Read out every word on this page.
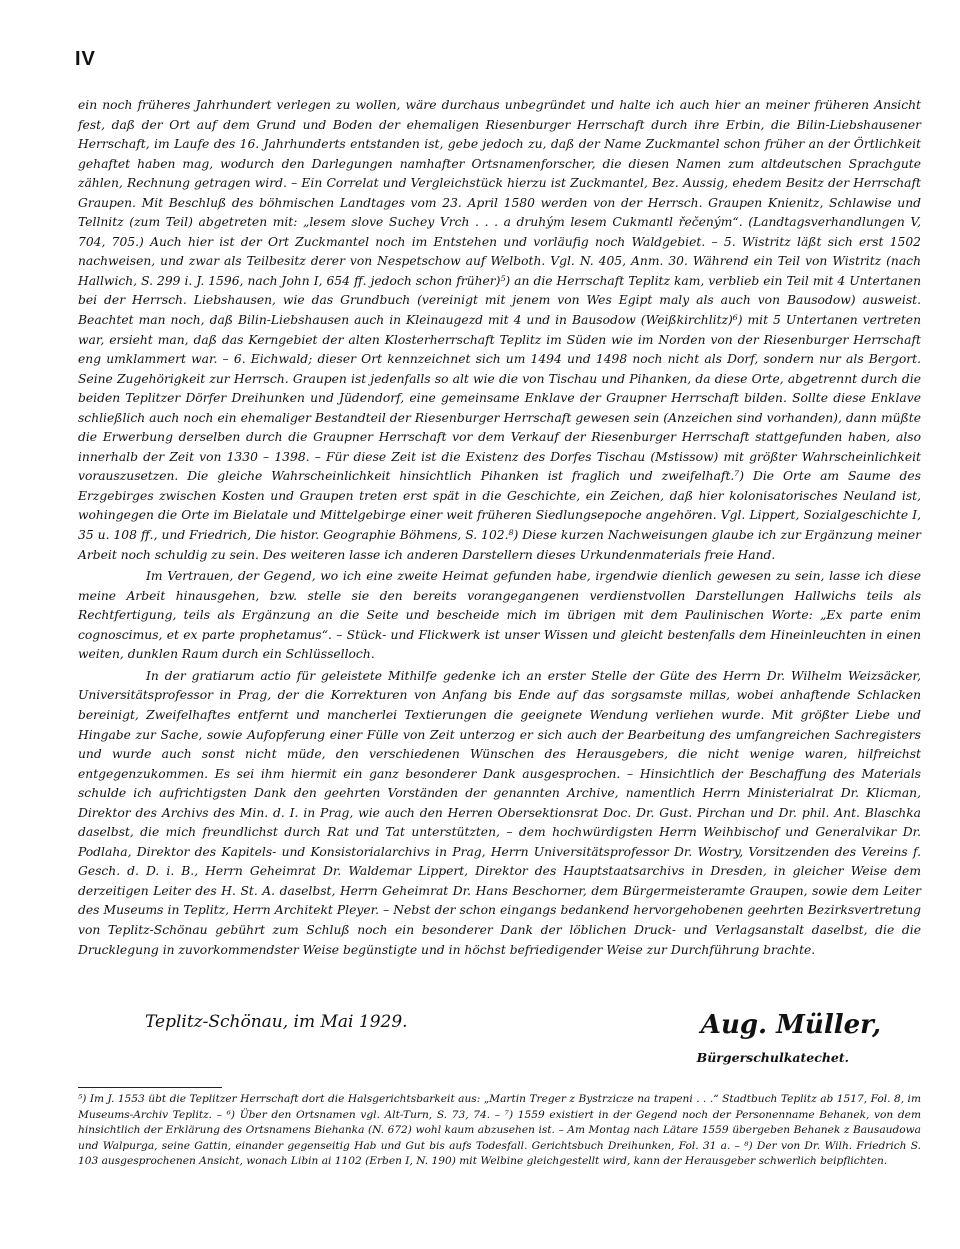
IV

ein noch früheres Jahrhundert verlegen zu wollen, wäre durchaus unbegründet und halte ich auch hier an meiner früheren Ansicht fest, daß der Ort auf dem Grund und Boden der ehemaligen Riesenburger Herrschaft durch ihre Erbin, die Bilin-Liebshausener Herrschaft, im Laufe des 16. Jahrhunderts entstanden ist, gebe jedoch zu, daß der Name Zuckmantel schon früher an der Örtlichkeit gehaftet haben mag, wodurch den Darlegungen namhafter Ortsnamenforscher, die diesen Namen zum altdeutschen Sprachgute zählen, Rechnung getragen wird. – Ein Correlat und Vergleichstück hierzu ist Zuckmantel, Bez. Aussig, ehedem Besitz der Herrschaft Graupen. Mit Beschluß des böhmischen Landtages vom 23. April 1580 werden von der Herrsch. Graupen Knienitz, Schlawise und Tellnitz (zum Teil) abgetreten mit: „lesem slove Suchey Vrch . . . a druhým lesem Cukmantl řečeným“. (Landtagsverhandlungen V, 704, 705.) Auch hier ist der Ort Zuckmantel noch im Entstehen und vorläufig noch Waldgebiet. – 5. Wistritz läßt sich erst 1502 nachweisen, und zwar als Teilbesitz derer von Nespetschow auf Welboth. Vgl. N. 405, Anm. 30. Während ein Teil von Wistritz (nach Hallwich, S. 299 i. J. 1596, nach John I, 654 ff. jedoch schon früher)⁵) an die Herrschaft Teplitz kam, verblieb ein Teil mit 4 Untertanen bei der Herrsch. Liebshausen, wie das Grundbuch (vereinigt mit jenem von Wes Egipt maly als auch von Bausodow) ausweist. Beachtet man noch, daß Bilin-Liebshausen auch in Kleinaugezd mit 4 und in Bausodow (Weißkirchlitz)⁶) mit 5 Untertanen vertreten war, ersieht man, daß das Kerngebiet der alten Klosterherrschaft Teplitz im Süden wie im Norden von der Riesenburger Herrschaft eng umklammert war. – 6. Eichwald; dieser Ort kennzeichnet sich um 1494 und 1498 noch nicht als Dorf, sondern nur als Bergort. Seine Zugehörigkeit zur Herrsch. Graupen ist jedenfalls so alt wie die von Tischau und Pihanken, da diese Orte, abgetrennt durch die beiden Teplitzer Dörfer Dreihunken und Jüdendorf, eine gemeinsame Enklave der Graupner Herrschaft bilden. Sollte diese Enklave schließlich auch noch ein ehemaliger Bestandteil der Riesenburger Herrschaft gewesen sein (Anzeichen sind vorhanden), dann müßte die Erwerbung derselben durch die Graupner Herrschaft vor dem Verkauf der Riesenburger Herrschaft stattgefunden haben, also innerhalb der Zeit von 1330 – 1398. – Für diese Zeit ist die Existenz des Dorfes Tischau (Mstissow) mit größter Wahrscheinlichkeit vorauszusetzen. Die gleiche Wahrscheinlichkeit hinsichtlich Pihanken ist fraglich und zweifelhaft.⁷) Die Orte am Saume des Erzgebirges zwischen Kosten und Graupen treten erst spät in die Geschichte, ein Zeichen, daß hier kolonisatorisches Neuland ist, wohingegen die Orte im Bielatale und Mittelgebirge einer weit früheren Siedlungsepoche angehören. Vgl. Lippert, Sozialgeschichte I, 35 u. 108 ff., und Friedrich, Die histor. Geographie Böhmens, S. 102.⁸) Diese kurzen Nachweisungen glaube ich zur Ergänzung meiner Arbeit noch schuldig zu sein. Des weiteren lasse ich anderen Darstellern dieses Urkundenmaterials freie Hand.

Im Vertrauen, der Gegend, wo ich eine zweite Heimat gefunden habe, irgendwie dienlich gewesen zu sein, lasse ich diese meine Arbeit hinausgehen, bzw. stelle sie den bereits vorangegangenen verdienstvollen Darstellungen Hallwichs teils als Rechtfertigung, teils als Ergänzung an die Seite und bescheide mich im übrigen mit dem Paulinischen Worte: „Ex parte enim cognoscimus, et ex parte prophetamus“. – Stück- und Flickwerk ist unser Wissen und gleicht bestenfalls dem Hineinleuchten in einen weiten, dunklen Raum durch ein Schlüsselloch.

In der gratiarum actio für geleistete Mithilfe gedenke ich an erster Stelle der Güte des Herrn Dr. Wilhelm Weizsäcker, Universitätsprofessor in Prag, der die Korrekturen von Anfang bis Ende auf das sorgsamste millas, wobei anhaftende Schlacken bereinigt, Zweifelhaftes entfernt und mancherlei Textierungen die geeignete Wendung verliehen wurde. Mit größter Liebe und Hingabe zur Sache, sowie Aufopferung einer Fülle von Zeit unterzog er sich auch der Bearbeitung des umfangreichen Sachregisters und wurde auch sonst nicht müde, den verschiedenen Wünschen des Herausgebers, die nicht wenige waren, hilfreichst entgegenzukommen. Es sei ihm hiermit ein ganz besonderer Dank ausgesprochen. – Hinsichtlich der Beschaffung des Materials schulde ich aufrichtigsten Dank den geehrten Vorständen der genannten Archive, namentlich Herrn Ministerialrat Dr. Klicman, Direktor des Archivs des Min. d. I. in Prag, wie auch den Herren Obersektionsrat Doc. Dr. Gust. Pirchan und Dr. phil. Ant. Blaschka daselbst, die mich freundlichst durch Rat und Tat unterstützten, – dem hochwürdigsten Herrn Weihbischof und Generalvikar Dr. Podlaha, Direktor des Kapitels- und Konsistorialarchivs in Prag, Herrn Universitätsprofessor Dr. Wostry, Vorsitzenden des Vereins f. Gesch. d. D. i. B., Herrn Geheimrat Dr. Waldemar Lippert, Direktor des Hauptstaatsarchivs in Dresden, in gleicher Weise dem derzeitigen Leiter des H. St. A. daselbst, Herrn Geheimrat Dr. Hans Beschorner, dem Bürgermeisteramte Graupen, sowie dem Leiter des Museums in Teplitz, Herrn Architekt Pleyer. – Nebst der schon eingangs bedankend hervorgehobenen geehrten Bezirksvertretung von Teplitz-Schönau gebührt zum Schluß noch ein besonderer Dank der löblichen Druck- und Verlagsanstalt daselbst, die die Drucklegung in zuvorkommendster Weise begünstigte und in höchst befriedigender Weise zur Durchführung brachte.

Teplitz-Schönau, im Mai 1929.	Aug. Müller,
Bürgerschulkatechet.

⁵) Im J. 1553 übt die Teplitzer Herrschaft dort die Halsgerichtsbarkeit aus: „Martin Treger z Bystrzicze na trapeni . . .“ Stadtbuch Teplitz ab 1517, Fol. 8, im Museums-Archiv Teplitz. – ⁶) Über den Ortsnamen vgl. Alt-Turn, S. 73, 74. – ⁷) 1559 existiert in der Gegend noch der Personenname Behanek, von dem hinsichtlich der Erklärung des Ortsnamens Biehanka (N. 672) wohl kaum abzusehen ist. – Am Montag nach Lätare 1559 übergeben Behanek z Bausaudowa und Walpurga, seine Gattin, einander gegenseitig Hab und Gut bis aufs Todesfall. Gerichtsbuch Dreihunken, Fol. 31 a. – ⁸) Der von Dr. Wilh. Friedrich S. 103 ausgesprochenen Ansicht, wonach Libin ai 1102 (Erben I, N. 190) mit Welbine gleichgestellt wird, kann der Herausgeber schwerlich beipflichten.
